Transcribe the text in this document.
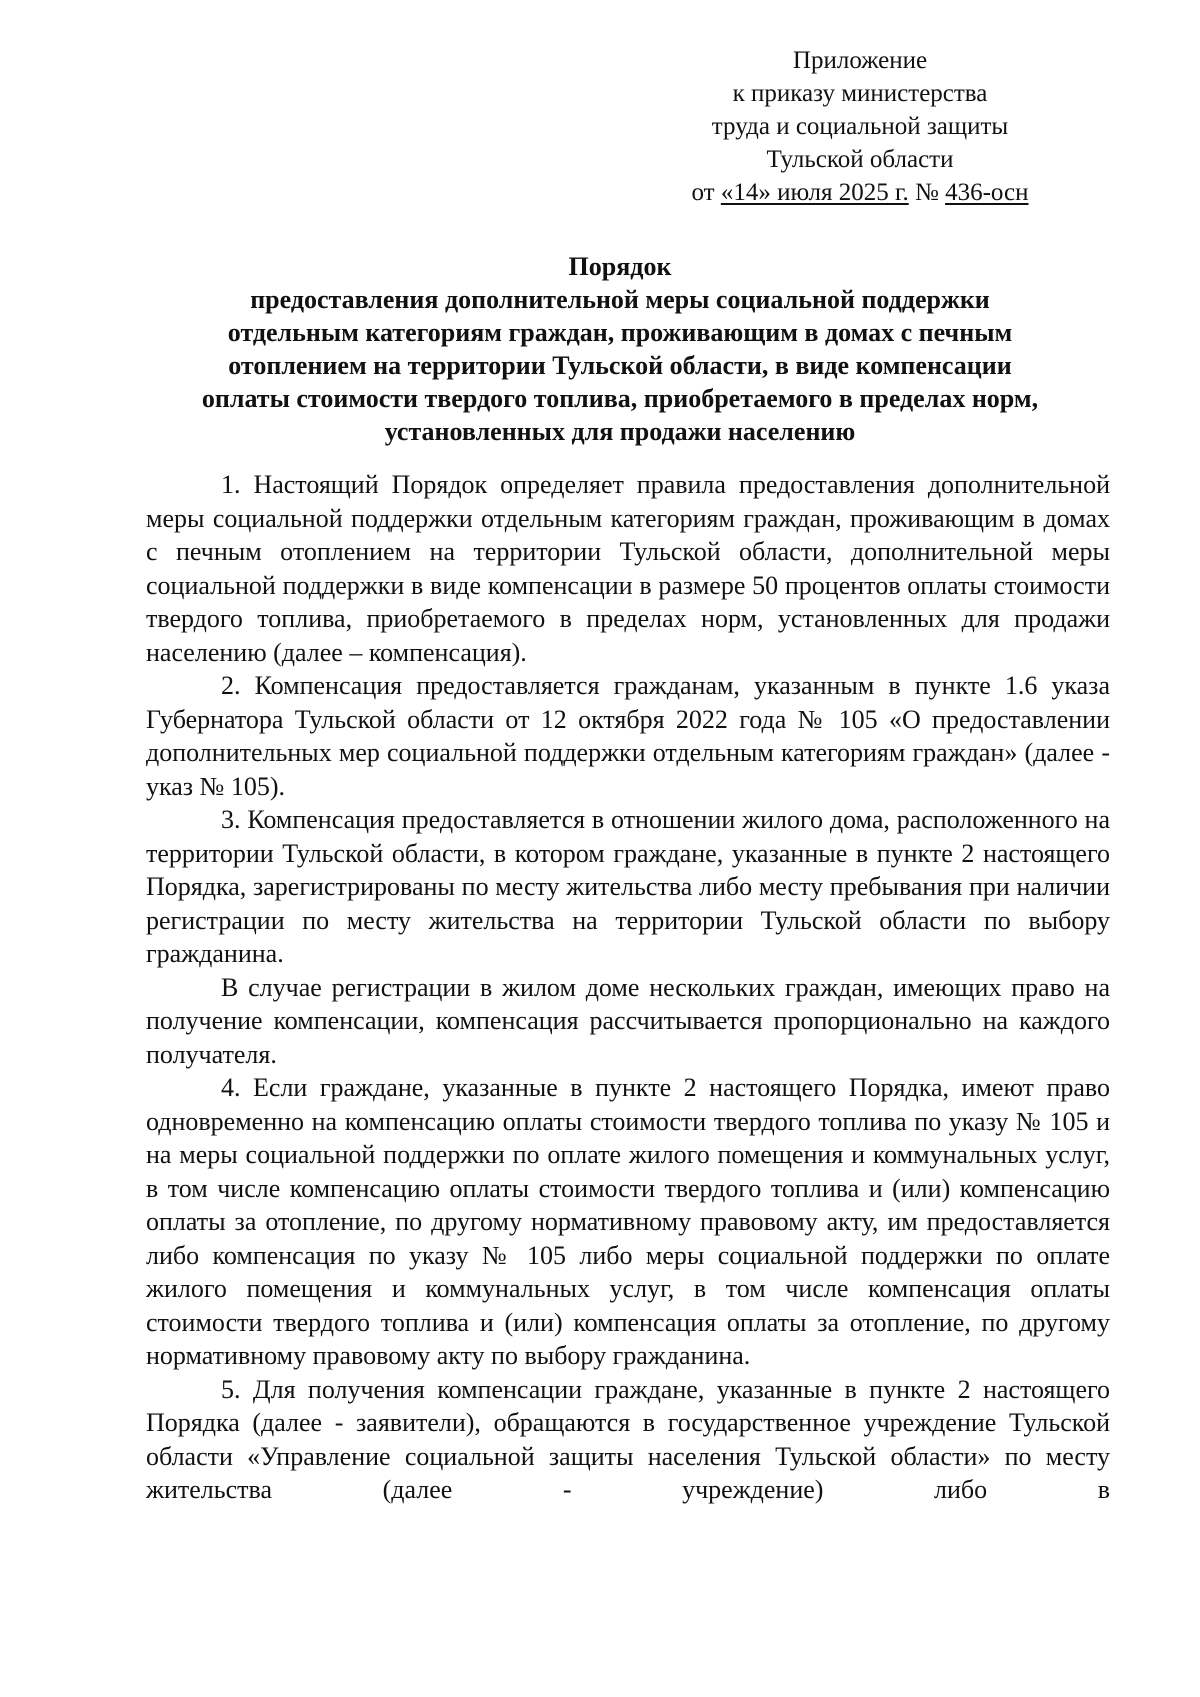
Приложение
к приказу министерства
труда и социальной защиты
Тульской области
от «14» июля 2025 г. № 436-осн
Порядок
предоставления дополнительной меры социальной поддержки
отдельным категориям граждан, проживающим в домах с печным
отоплением на территории Тульской области, в виде компенсации
оплаты стоимости твердого топлива, приобретаемого в пределах норм,
установленных для продажи населению

1. Настоящий Порядок определяет правила предоставления дополнительной меры социальной поддержки отдельным категориям граждан, проживающим в домах с печным отоплением на территории Тульской области, дополнительной меры социальной поддержки в виде компенсации в размере 50 процентов оплаты стоимости твердого топлива, приобретаемого в пределах норм, установленных для продажи населению (далее – компенсация).

2. Компенсация предоставляется гражданам, указанным в пункте 1.6 указа Губернатора Тульской области от 12 октября 2022 года № 105 «О предоставлении дополнительных мер социальной поддержки отдельным категориям граждан» (далее - указ № 105).

3. Компенсация предоставляется в отношении жилого дома, расположенного на территории Тульской области, в котором граждане, указанные в пункте 2 настоящего Порядка, зарегистрированы по месту жительства либо месту пребывания при наличии регистрации по месту жительства на территории Тульской области по выбору гражданина.

В случае регистрации в жилом доме нескольких граждан, имеющих право на получение компенсации, компенсация рассчитывается пропорционально на каждого получателя.

4. Если граждане, указанные в пункте 2 настоящего Порядка, имеют право одновременно на компенсацию оплаты стоимости твердого топлива по указу № 105 и на меры социальной поддержки по оплате жилого помещения и коммунальных услуг, в том числе компенсацию оплаты стоимости твердого топлива и (или) компенсацию оплаты за отопление, по другому нормативному правовому акту, им предоставляется либо компенсация по указу № 105 либо меры социальной поддержки по оплате жилого помещения и коммунальных услуг, в том числе компенсация оплаты стоимости твердого топлива и (или) компенсация оплаты за отопление, по другому нормативному правовому акту по выбору гражданина.

5. Для получения компенсации граждане, указанные в пункте 2 настоящего Порядка (далее - заявители), обращаются в государственное учреждение Тульской области «Управление социальной защиты населения Тульской области» по месту жительства (далее - учреждение) либо в
